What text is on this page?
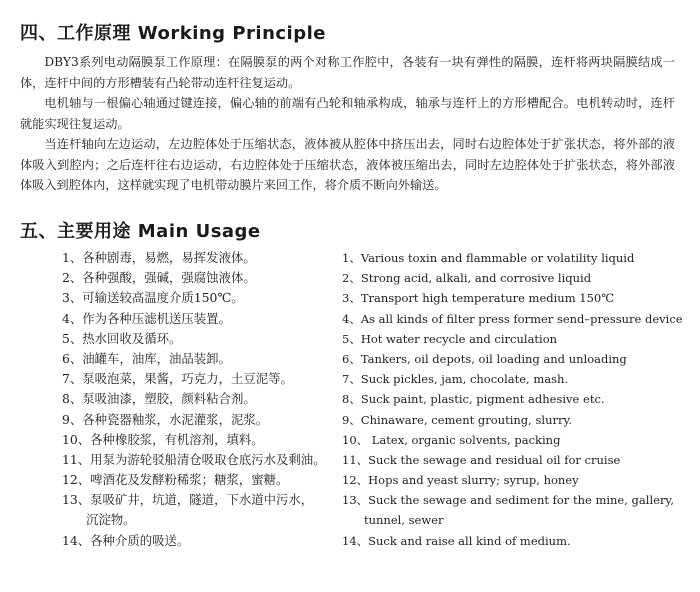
四、工作原理 Working Principle

DBY3系列电动隔膜泵工作原理：在隔膜泵的两个对称工作腔中，各装有一块有弹性的隔膜，连杆将两块隔膜结成一体，连杆中间的方形槽装有凸轮带动连杆往复运动。

电机轴与一根偏心轴通过键连接，偏心轴的前端有凸轮和轴承构成，轴承与连杆上的方形槽配合。电机转动时，连杆就能实现往复运动。

当连杆轴向左边运动，左边腔体处于压缩状态，液体被从腔体中挤压出去，同时右边腔体处于扩张状态，将外部的液体吸入到腔内；之后连杆往右边运动，右边腔体处于压缩状态，液体被压缩出去，同时左边腔体处于扩张状态，将外部液体吸入到腔体内，这样就实现了电机带动膜片来回工作，将介质不断向外输送。

五、主要用途 Main Usage
1、各种剧毒，易燃，易挥发液体。
2、各种强酸，强碱，强腐蚀液体。
3、可输送较高温度介质150℃。
4、作为各种压滤机送压装置。
5、热水回收及循环。
6、油罐车，油库，油品装卸。
7、泵吸泡菜，果酱，巧克力，土豆泥等。
8、泵吸油漆，塑胶，颜料粘合剂。
9、各种瓷器釉浆，水泥灌浆，泥浆。
10、各种橡胶浆，有机溶剂，填料。
11、用泵为游轮驳船清仓吸取仓底污水及剩油。
12、啤酒花及发酵粉稀浆；糖浆，蜜糖。
13、泵吸矿井，坑道，隧道，下水道中污水，
沉淀物。
14、各种介质的吸送。
1、Various toxin and flammable or volatility liquid
2、Strong acid, alkali, and corrosive liquid
3、Transport high temperature medium 150℃
4、As all kinds of filter press former send–pressure device
5、Hot water recycle and circulation
6、Tankers, oil depots, oil loading and unloading
7、Suck pickles, jam, chocolate, mash.
8、Suck paint, plastic, pigment adhesive etc.
9、Chinaware, cement grouting, slurry.
10、 Latex, organic solvents, packing
11、Suck the sewage and residual oil for cruise
12、Hops and yeast slurry; syrup, honey
13、Suck the sewage and sediment for the mine, gallery,
tunnel, sewer
14、Suck and raise all kind of medium.
